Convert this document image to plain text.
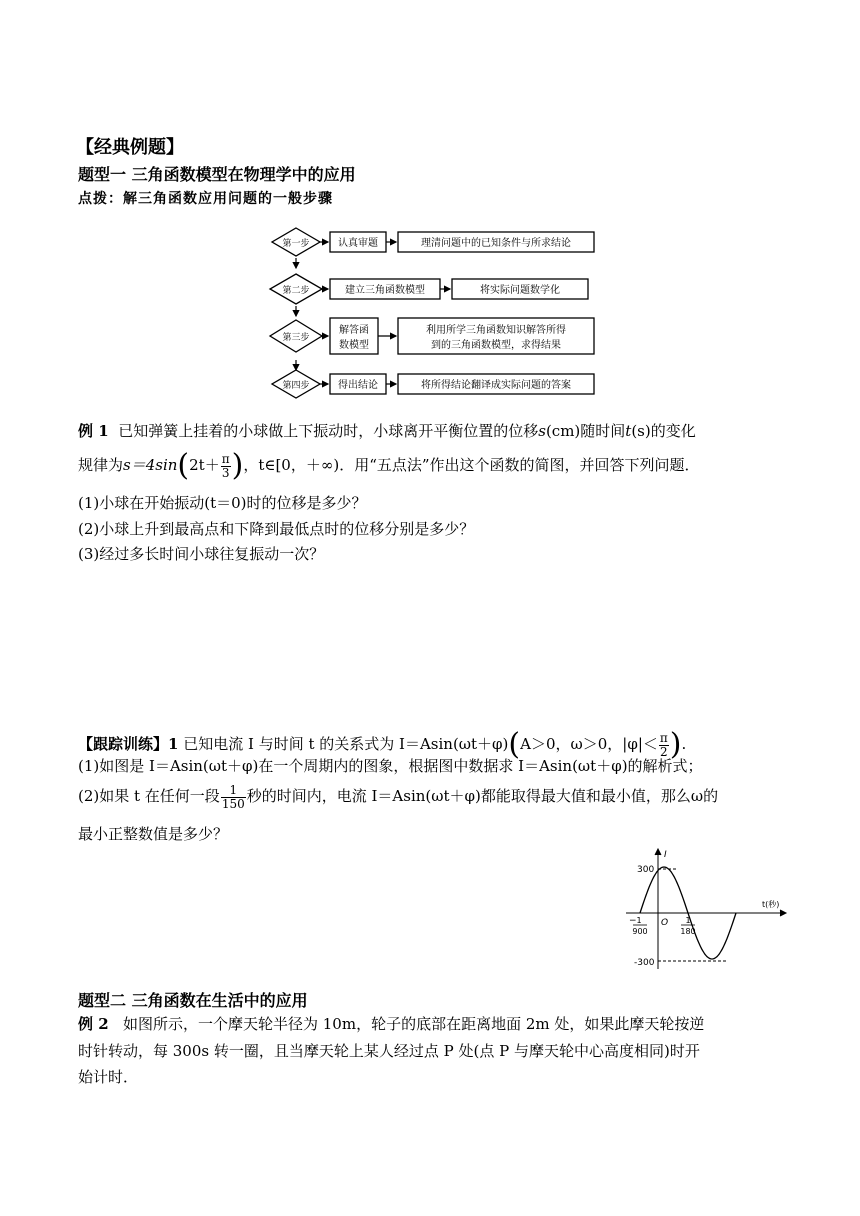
【经典例题】
题型一 三角函数模型在物理学中的应用
点拨：解三角函数应用问题的一般步骤
第一步	认真审题	理清问题中的已知条件与所求结论
第二步	建立三角函数模型	将实际问题数学化
第三步
解答函
数模型
利用所学三角函数知识解答所得
到的三角函数模型，求得结果
第四步	得出结论	将所得结论翻译成实际问题的答案
例 1 已知弹簧上挂着的小球做上下振动时，小球离开平衡位置的位移s(cm)随时间t(s)的变化
规律为$s=4\sin(2t+ \frac{\pi}{3}$ )，t∈[0，＋∞)．用“五点法”作出这个函数的简图，并回答下列问题．
(1)小球在开始振动(t＝0)时的位移是多少？
(2)小球上升到最高点和下降到最低点时的位移分别是多少？
(3)经过多长时间小球往复振动一次？
【跟踪训练】1 已知电流 I 与时间 t 的关系式为 I＝Asin(ωt＋φ)(A＞0，ω＞0，$|\varphi|< \frac{\pi}{2}$ ).
(1)如图是 I＝Asin(ωt＋φ)在一个周期内的图象，根据图中数据求 I＝Asin(ωt＋φ)的解析式；
(2)如果 t 在任何一段 $\frac{1}{150}$ 秒的时间内，电流 I＝Asin(ωt＋φ)都能取得最大值和最小值，那么ω的
最小正整数值是多少？
I
t(秒)
300
-300
O
− 1
900
1
180
题型二 三角函数在生活中的应用
例 2 如图所示，一个摩天轮半径为 10m，轮子的底部在距离地面 2m 处，如果此摩天轮按逆
时针转动，每 300s 转一圈，且当摩天轮上某人经过点 P 处(点 P 与摩天轮中心高度相同)时开
始计时．
